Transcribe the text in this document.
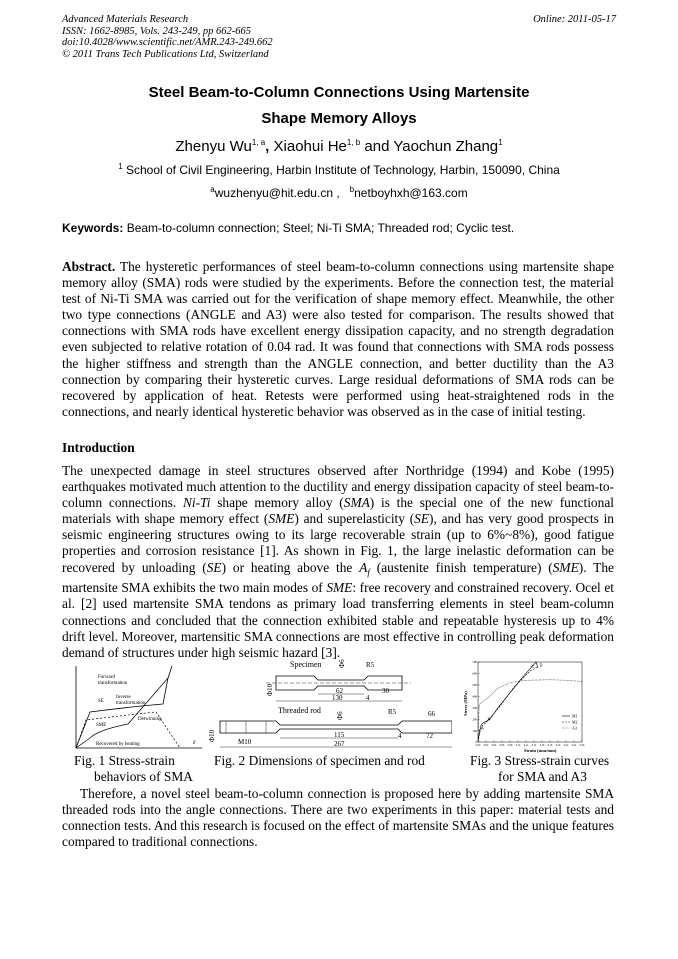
Advanced Materials Research
ISSN: 1662-8985, Vols. 243-249, pp 662-665
doi:10.4028/www.scientific.net/AMR.243-249.662
© 2011 Trans Tech Publications Ltd, Switzerland
Online: 2011-05-17
Steel Beam-to-Column Connections Using Martensite
Shape Memory Alloys
Zhenyu Wu$^{1, a}$, Xiaohui He$^{1, b}$ and Yaochun Zhang$^1$
$^1$ School of Civil Engineering, Harbin Institute of Technology, Harbin, 150090, China
$^a$wuzhenyu@hit.edu.cn , $^b$netboyhxh@163.com
Keywords: Beam-to-column connection; Steel; Ni-Ti SMA; Threaded rod; Cyclic test.
Abstract. The hysteretic performances of steel beam-to-column connections using martensite shape memory alloy (SMA) rods were studied by the experiments. Before the connection test, the material test of Ni-Ti SMA was carried out for the verification of shape memory effect. Meanwhile, the other two type connections (ANGLE and A3) were also tested for comparison. The results showed that connections with SMA rods have excellent energy dissipation capacity, and no strength degradation even subjected to relative rotation of 0.04 rad. It was found that connections with SMA rods possess the higher stiffness and strength than the ANGLE connection, and better ductility than the A3 connection by comparing their hysteretic curves. Large residual deformations of SMA rods can be recovered by application of heat. Retests were performed using heat-straightened rods in the connections, and nearly identical hysteretic behavior was observed as in the case of initial testing.
Introduction
The unexpected damage in steel structures observed after Northridge (1994) and Kobe (1995) earthquakes motivated much attention to the ductility and energy dissipation capacity of steel beam-to-column connections. Ni-Ti shape memory alloy (SMA) is the special one of the new functional materials with shape memory effect (SME) and superelasticity (SE), and has very good prospects in seismic engineering structures owing to its large recoverable strain (up to 6%~8%), good fatigue properties and corrosion resistance [1]. As shown in Fig. 1, the large inelastic deformation can be recovered by unloading (SE) or heating above the $A_f$ (austenite finish temperature) (SME). The martensite SMA exhibits the two main modes of SME: free recovery and constrained recovery. Ocel et al. [2] used martensite SMA tendons as primary load transferring elements in steel beam-column connections and concluded that the connection exhibited stable and repeatable hysteresis up to 4% drift level. Moreover, martensitic SMA connections are most effective in controlling peak deformation demand of structures under high seismic hazard [3].
Forward
transformation
SE
Inverse
transformation
Detwinning
SME
Recovered by heating	ε
Fig. 1 Stress-strain
behaviors of SMA
Specimen Φ6	R5
Φ10	62	30
130	4
Threaded rod
Φ6	R5	66
Φ10	M10
115	4	72
267
Fig. 2 Dimensions of specimen and rod
0
100
200
300
400
500
600
700
0.00 0.02 0.04 0.06 0.08 0.10 0.12 0.14 0.16 0.18 0.20 0.22 0.24 0.26
A
B
C D
M1
M2
A3
Strain (mm/mm)
Stress (MPa)
Fig. 3 Stress-strain curves
for SMA and A3
Therefore, a novel steel beam-to-column connection is proposed here by adding martensite SMA threaded rods into the angle connections. There are two experiments in this paper: material tests and connection tests. And this research is focused on the effect of martensite SMAs and the unique features compared to traditional connections.
